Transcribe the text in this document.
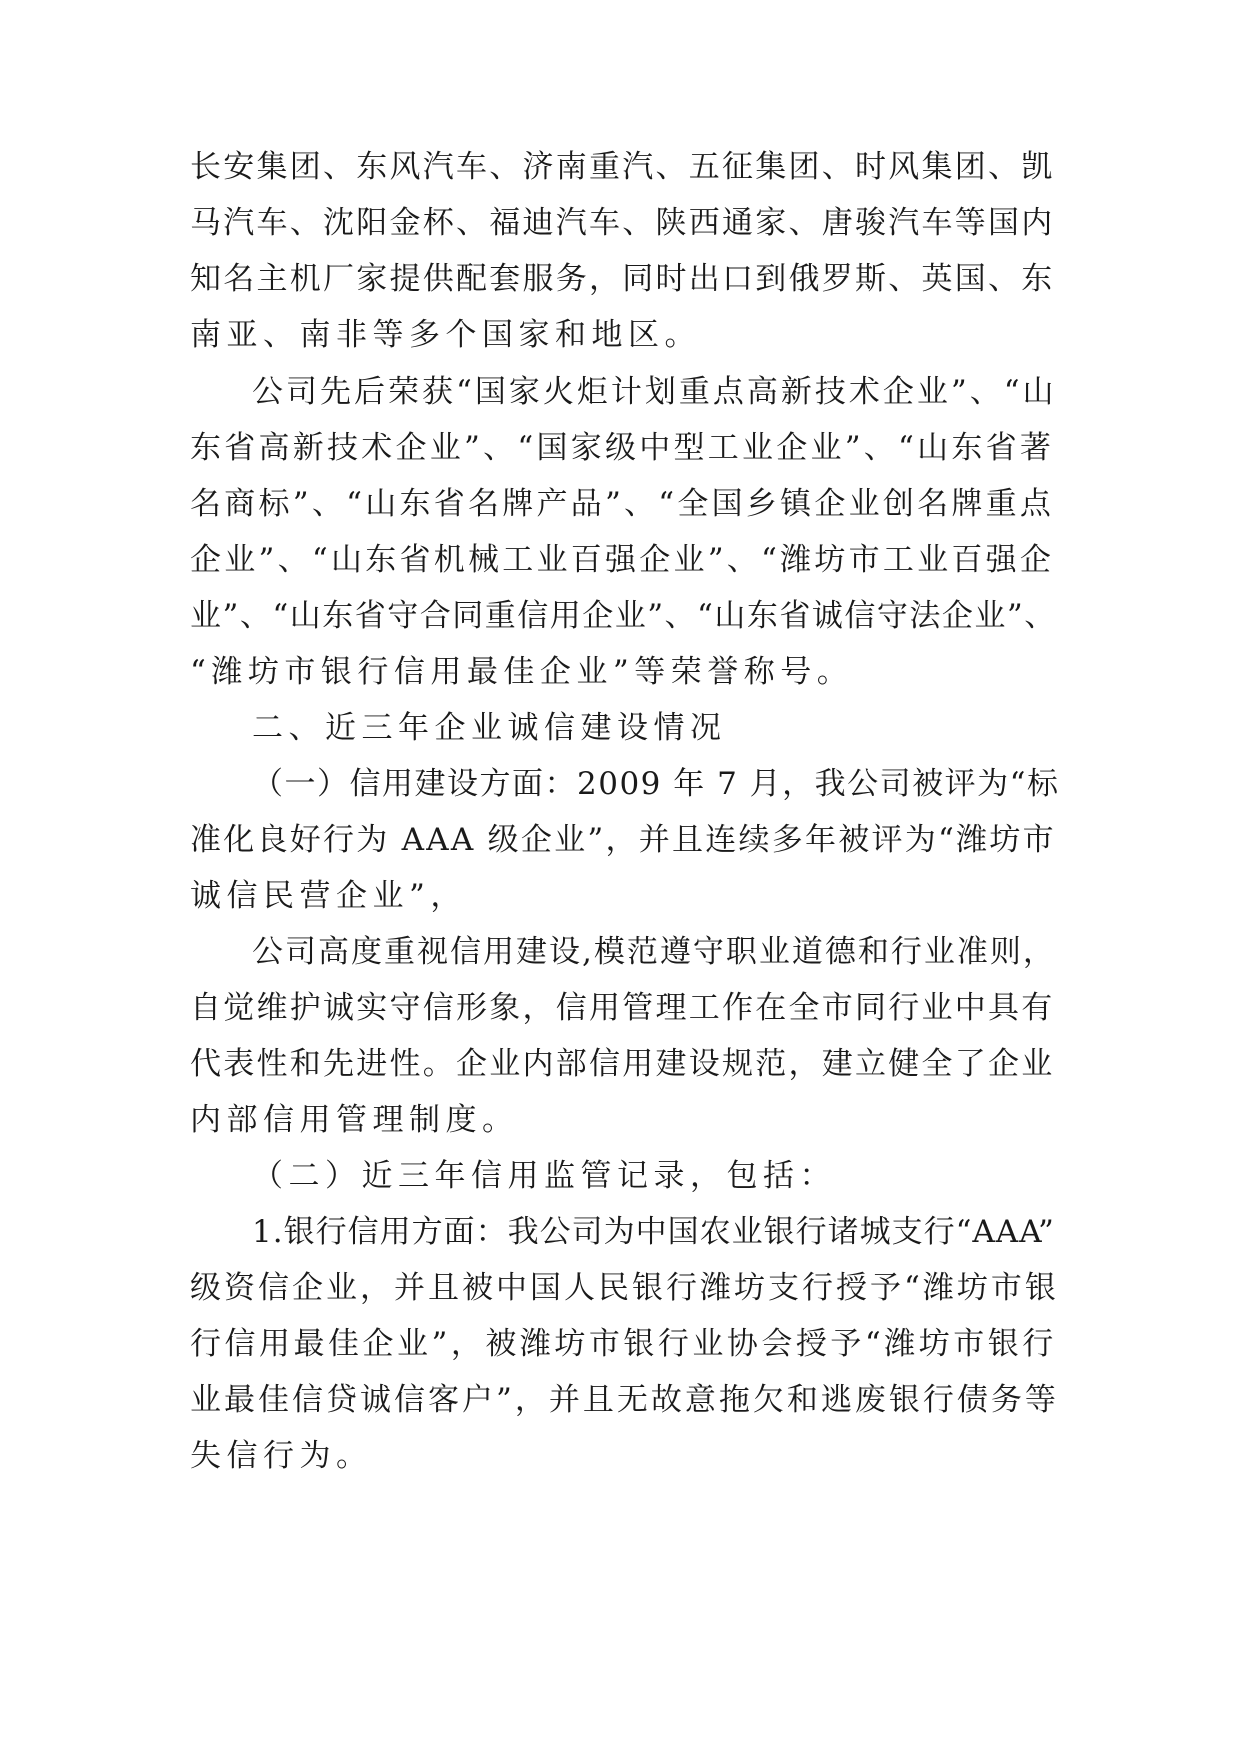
长安集团、东风汽车、济南重汽、五征集团、时风集团、凯
马汽车、沈阳金杯、福迪汽车、陕西通家、唐骏汽车等国内
知名主机厂家提供配套服务，同时出口到俄罗斯、英国、东
南亚、南非等多个国家和地区。
公司先后荣获“国家火炬计划重点高新技术企业”、“山
东省高新技术企业”、“国家级中型工业企业”、“山东省著
名商标”、“山东省名牌产品”、“全国乡镇企业创名牌重点
企业”、“山东省机械工业百强企业”、“潍坊市工业百强企
业”、“山东省守合同重信用企业”、“山东省诚信守法企业”、
“潍坊市银行信用最佳企业”等荣誉称号。
二、近三年企业诚信建设情况
（一）信用建设方面：2009 年 7 月，我公司被评为“标
准化良好行为 AAA 级企业”，并且连续多年被评为“潍坊市
诚信民营企业”，
公司高度重视信用建设,模范遵守职业道德和行业准则，
自觉维护诚实守信形象，信用管理工作在全市同行业中具有
代表性和先进性。企业内部信用建设规范，建立健全了企业
内部信用管理制度。
（二）近三年信用监管记录，包括：
1.银行信用方面：我公司为中国农业银行诸城支行“AAA”
级资信企业，并且被中国人民银行潍坊支行授予“潍坊市银
行信用最佳企业”，被潍坊市银行业协会授予“潍坊市银行
业最佳信贷诚信客户”，并且无故意拖欠和逃废银行债务等
失信行为。
